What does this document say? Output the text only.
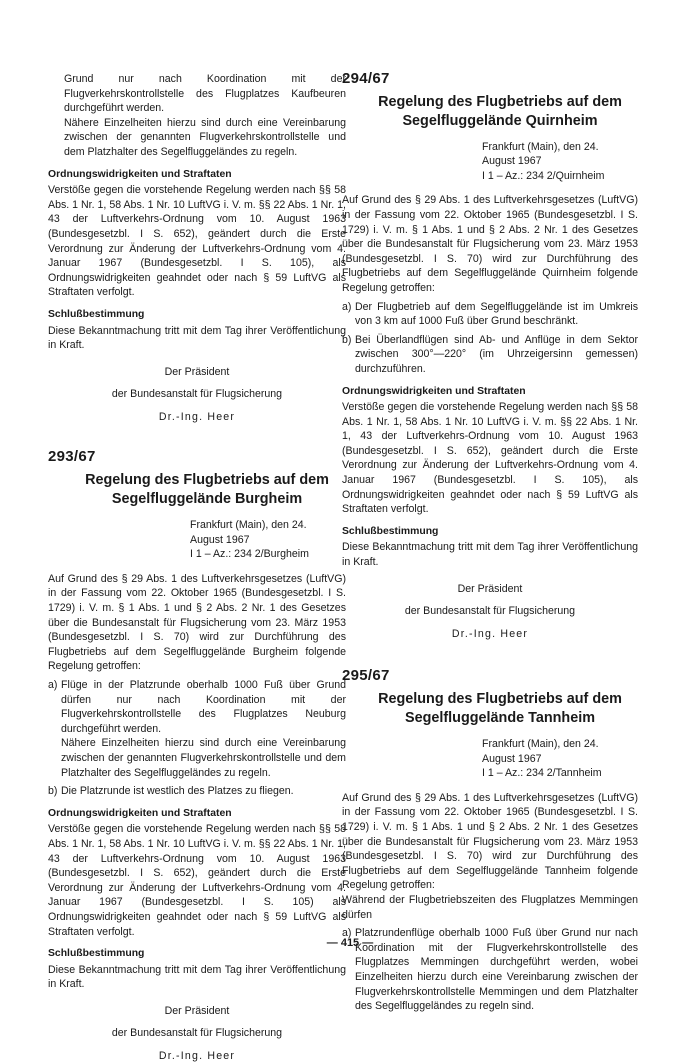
Grund nur nach Koordination mit der Flugverkehrskontrollstelle des Flugplatzes Kaufbeuren durchgeführt werden.

Nähere Einzelheiten hierzu sind durch eine Vereinbarung zwischen der genannten Flugverkehrskontrollstelle und dem Platzhalter des Segelfluggeländes zu regeln.

Ordnungswidrigkeiten und Straftaten

Verstöße gegen die vorstehende Regelung werden nach §§ 58 Abs. 1 Nr. 1, 58 Abs. 1 Nr. 10 LuftVG i. V. m. §§ 22 Abs. 1 Nr. 1, 43 der Luftverkehrs-Ordnung vom 10. August 1963 (Bundesgesetzbl. I S. 652), geändert durch die Erste Verordnung zur Änderung der Luftverkehrs-Ordnung vom 4. Januar 1967 (Bundesgesetzbl. I S. 105), als Ordnungswidrigkeiten geahndet oder nach § 59 LuftVG als Straftaten verfolgt.

Schlußbestimmung

Diese Bekanntmachung tritt mit dem Tag ihrer Veröffentlichung in Kraft.

Der Präsident
der Bundesanstalt für Flugsicherung
Dr.-Ing. Heer
293/67
Regelung des Flugbetriebs auf dem
Segelfluggelände Burgheim
Frankfurt (Main), den 24. August 1967
I 1 – Az.: 234 2/Burgheim

Auf Grund des § 29 Abs. 1 des Luftverkehrsgesetzes (LuftVG) in der Fassung vom 22. Oktober 1965 (Bundesgesetzbl. I S. 1729) i. V. m. § 1 Abs. 1 und § 2 Abs. 2 Nr. 1 des Gesetzes über die Bundesanstalt für Flugsicherung vom 23. März 1953 (Bundesgesetzbl. I S. 70) wird zur Durchführung des Flugbetriebs auf dem Segelfluggelände Burgheim folgende Regelung getroffen:

a) Flüge in der Platzrunde oberhalb 1000 Fuß über Grund dürfen nur nach Koordination mit der Flugverkehrskontrollstelle des Flugplatzes Neuburg durchgeführt werden.

Nähere Einzelheiten hierzu sind durch eine Vereinbarung zwischen der genannten Flugverkehrskontrollstelle und dem Platzhalter des Segelfluggeländes zu regeln.

b) Die Platzrunde ist westlich des Platzes zu fliegen.

Ordnungswidrigkeiten und Straftaten

Verstöße gegen die vorstehende Regelung werden nach §§ 58 Abs. 1 Nr. 1, 58 Abs. 1 Nr. 10 LuftVG i. V. m. §§ 22 Abs. 1 Nr. 1, 43 der Luftverkehrs-Ordnung vom 10. August 1963 (Bundesgesetzbl. I S. 652), geändert durch die Erste Verordnung zur Änderung der Luftverkehrs-Ordnung vom 4. Januar 1967 (Bundesgesetzbl. I S. 105) als Ordnungswidrigkeiten geahndet oder nach § 59 LuftVG als Straftaten verfolgt.

Schlußbestimmung

Diese Bekanntmachung tritt mit dem Tag ihrer Veröffentlichung in Kraft.

Der Präsident
der Bundesanstalt für Flugsicherung
Dr.-Ing. Heer
294/67
Regelung des Flugbetriebs auf dem
Segelfluggelände Quirnheim
Frankfurt (Main), den 24. August 1967
I 1 – Az.: 234 2/Quirnheim

Auf Grund des § 29 Abs. 1 des Luftverkehrsgesetzes (LuftVG) in der Fassung vom 22. Oktober 1965 (Bundesgesetzbl. I S. 1729) i. V. m. § 1 Abs. 1 und § 2 Abs. 2 Nr. 1 des Gesetzes über die Bundesanstalt für Flugsicherung vom 23. März 1953 (Bundesgesetzbl. I S. 70) wird zur Durchführung des Flugbetriebs auf dem Segelfluggelände Quirnheim folgende Regelung getroffen:

a) Der Flugbetrieb auf dem Segelfluggelände ist im Umkreis von 3 km auf 1000 Fuß über Grund beschränkt.

b) Bei Überlandflügen sind Ab- und Anflüge in dem Sektor zwischen 300°—220° (im Uhrzeigersinn gemessen) durchzuführen.

Ordnungswidrigkeiten und Straftaten

Verstöße gegen die vorstehende Regelung werden nach §§ 58 Abs. 1 Nr. 1, 58 Abs. 1 Nr. 10 LuftVG i. V. m. §§ 22 Abs. 1 Nr. 1, 43 der Luftverkehrs-Ordnung vom 10. August 1963 (Bundesgesetzbl. I S. 652), geändert durch die Erste Verordnung zur Änderung der Luftverkehrs-Ordnung vom 4. Januar 1967 (Bundesgesetzbl. I S. 105), als Ordnungswidrigkeiten geahndet oder nach § 59 LuftVG als Straftaten verfolgt.

Schlußbestimmung

Diese Bekanntmachung tritt mit dem Tag ihrer Veröffentlichung in Kraft.

Der Präsident
der Bundesanstalt für Flugsicherung
Dr.-Ing. Heer
295/67
Regelung des Flugbetriebs auf dem
Segelfluggelände Tannheim
Frankfurt (Main), den 24. August 1967
I 1 – Az.: 234 2/Tannheim

Auf Grund des § 29 Abs. 1 des Luftverkehrsgesetzes (LuftVG) in der Fassung vom 22. Oktober 1965 (Bundesgesetzbl. I S. 1729) i. V. m. § 1 Abs. 1 und § 2 Abs. 2 Nr. 1 des Gesetzes über die Bundesanstalt für Flugsicherung vom 23. März 1953 (Bundesgesetzbl. I S. 70) wird zur Durchführung des Flugbetriebs auf dem Segelfluggelände Tannheim folgende Regelung getroffen:

Während der Flugbetriebszeiten des Flugplatzes Memmingen dürfen

a) Platzrundenflüge oberhalb 1000 Fuß über Grund nur nach Koordination mit der Flugverkehrskontrollstelle des Flugplatzes Memmingen durchgeführt werden, wobei Einzelheiten hierzu durch eine Vereinbarung zwischen der Flugverkehrskontrollstelle Memmingen und dem Platzhalter des Segelfluggeländes zu regeln sind.

— 415 —
